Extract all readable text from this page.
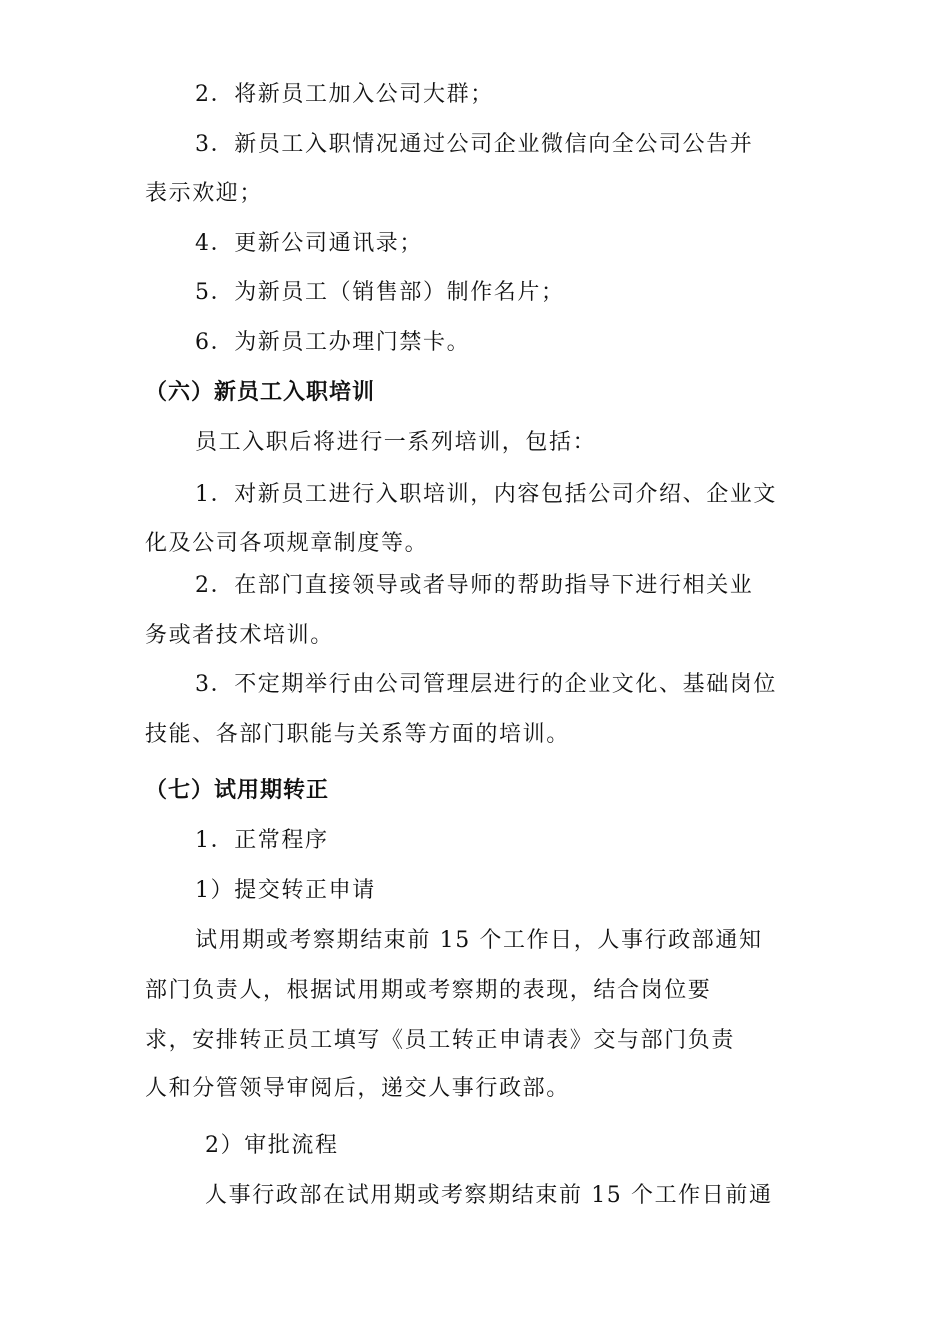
2．将新员工加入公司大群；
3．新员工入职情况通过公司企业微信向全公司公告并
表示欢迎；
4．更新公司通讯录；
5．为新员工（销售部）制作名片；
6．为新员工办理门禁卡。
（六）新员工入职培训
员工入职后将进行一系列培训，包括：
1．对新员工进行入职培训，内容包括公司介绍、企业文
化及公司各项规章制度等。
2．在部门直接领导或者导师的帮助指导下进行相关业
务或者技术培训。
3．不定期举行由公司管理层进行的企业文化、基础岗位
技能、各部门职能与关系等方面的培训。
（七）试用期转正
1．正常程序
1）提交转正申请
试用期或考察期结束前 15 个工作日，人事行政部通知
部门负责人，根据试用期或考察期的表现，结合岗位要
求，安排转正员工填写《员工转正申请表》交与部门负责
人和分管领导审阅后，递交人事行政部。
2）审批流程
人事行政部在试用期或考察期结束前 15 个工作日前通
